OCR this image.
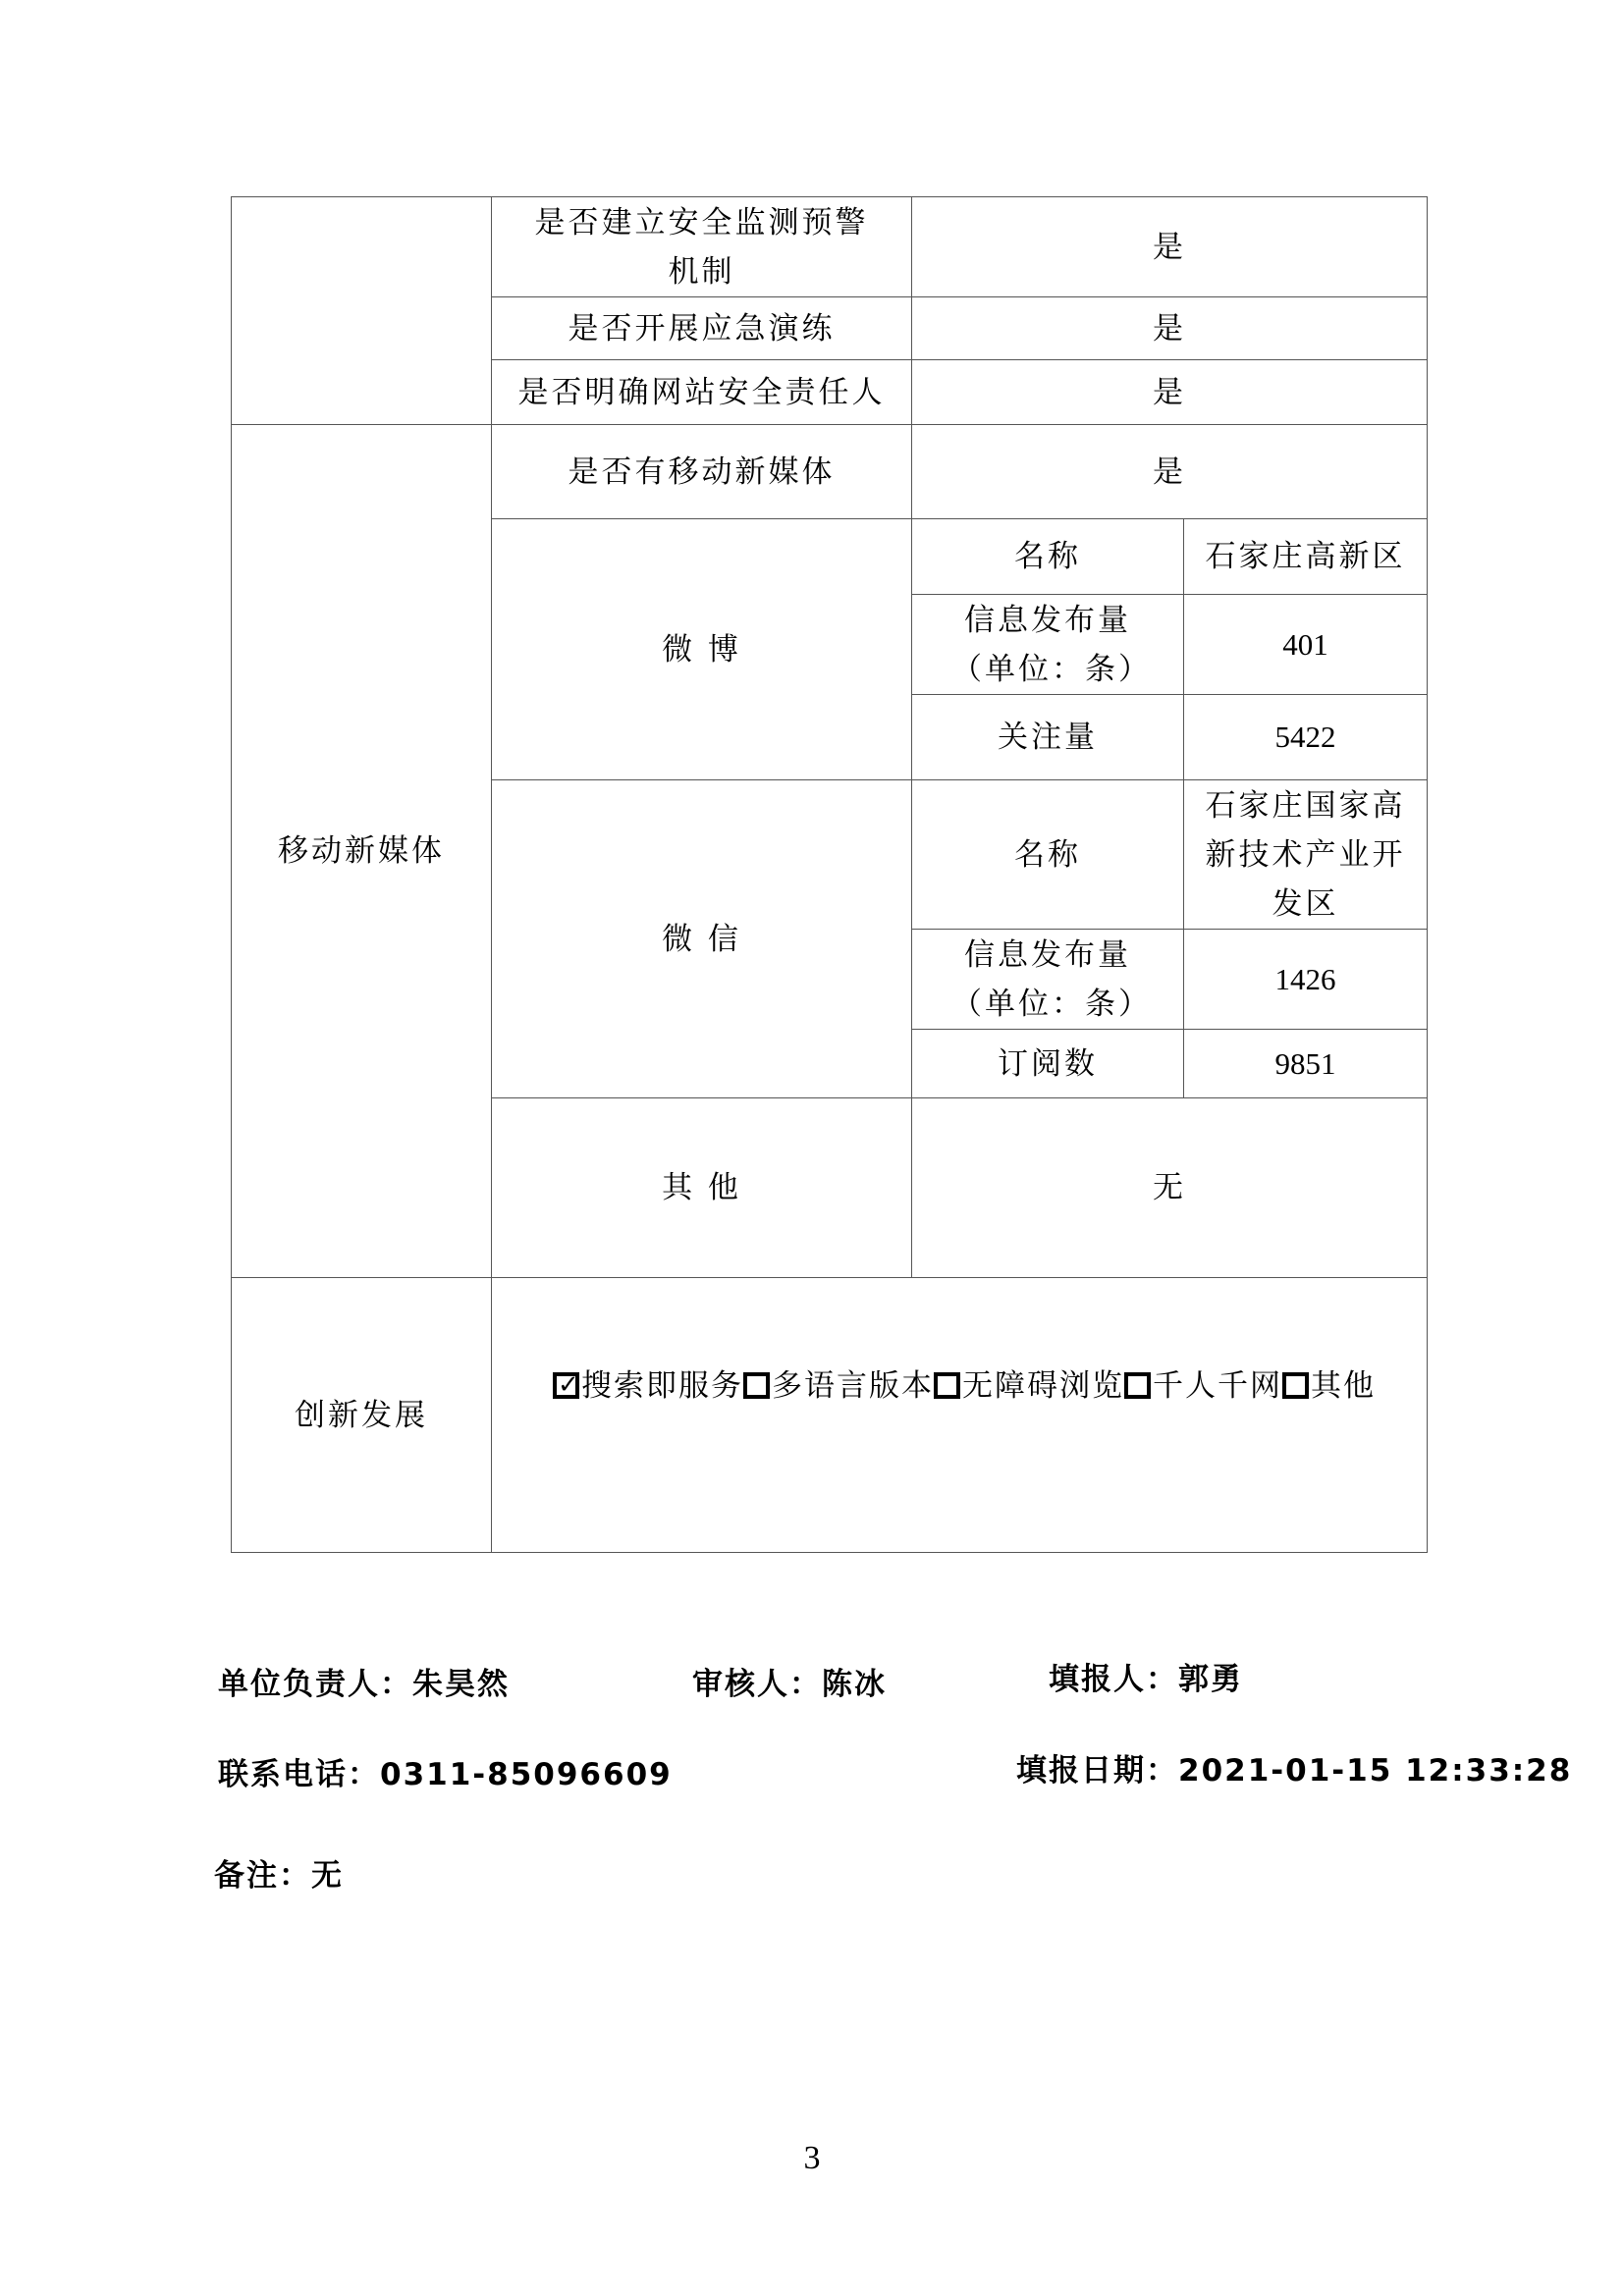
	是否建立安全监测预警机制	是	
	是否开展应急演练	是	
	是否明确网站安全责任人	是	
移动新媒体	是否有移动新媒体	是	
	微 博	名称	石家庄高新区
		信息发布量（单位：条）	401
		关注量	5422
	微 信	名称	石家庄国家高新技术产业开发区
		信息发布量（单位：条）	1426
		订阅数	9851
	其 他	无	
创新发展	✓ 搜索即服务 多语言版本 无障碍浏览 千人千网 其他		
单位负责人：朱昊然	审核人：陈冰	填报人：郭勇
联系电话：0311-85096609	填报日期：2021-01-15 12:33:28
备注：无
3
